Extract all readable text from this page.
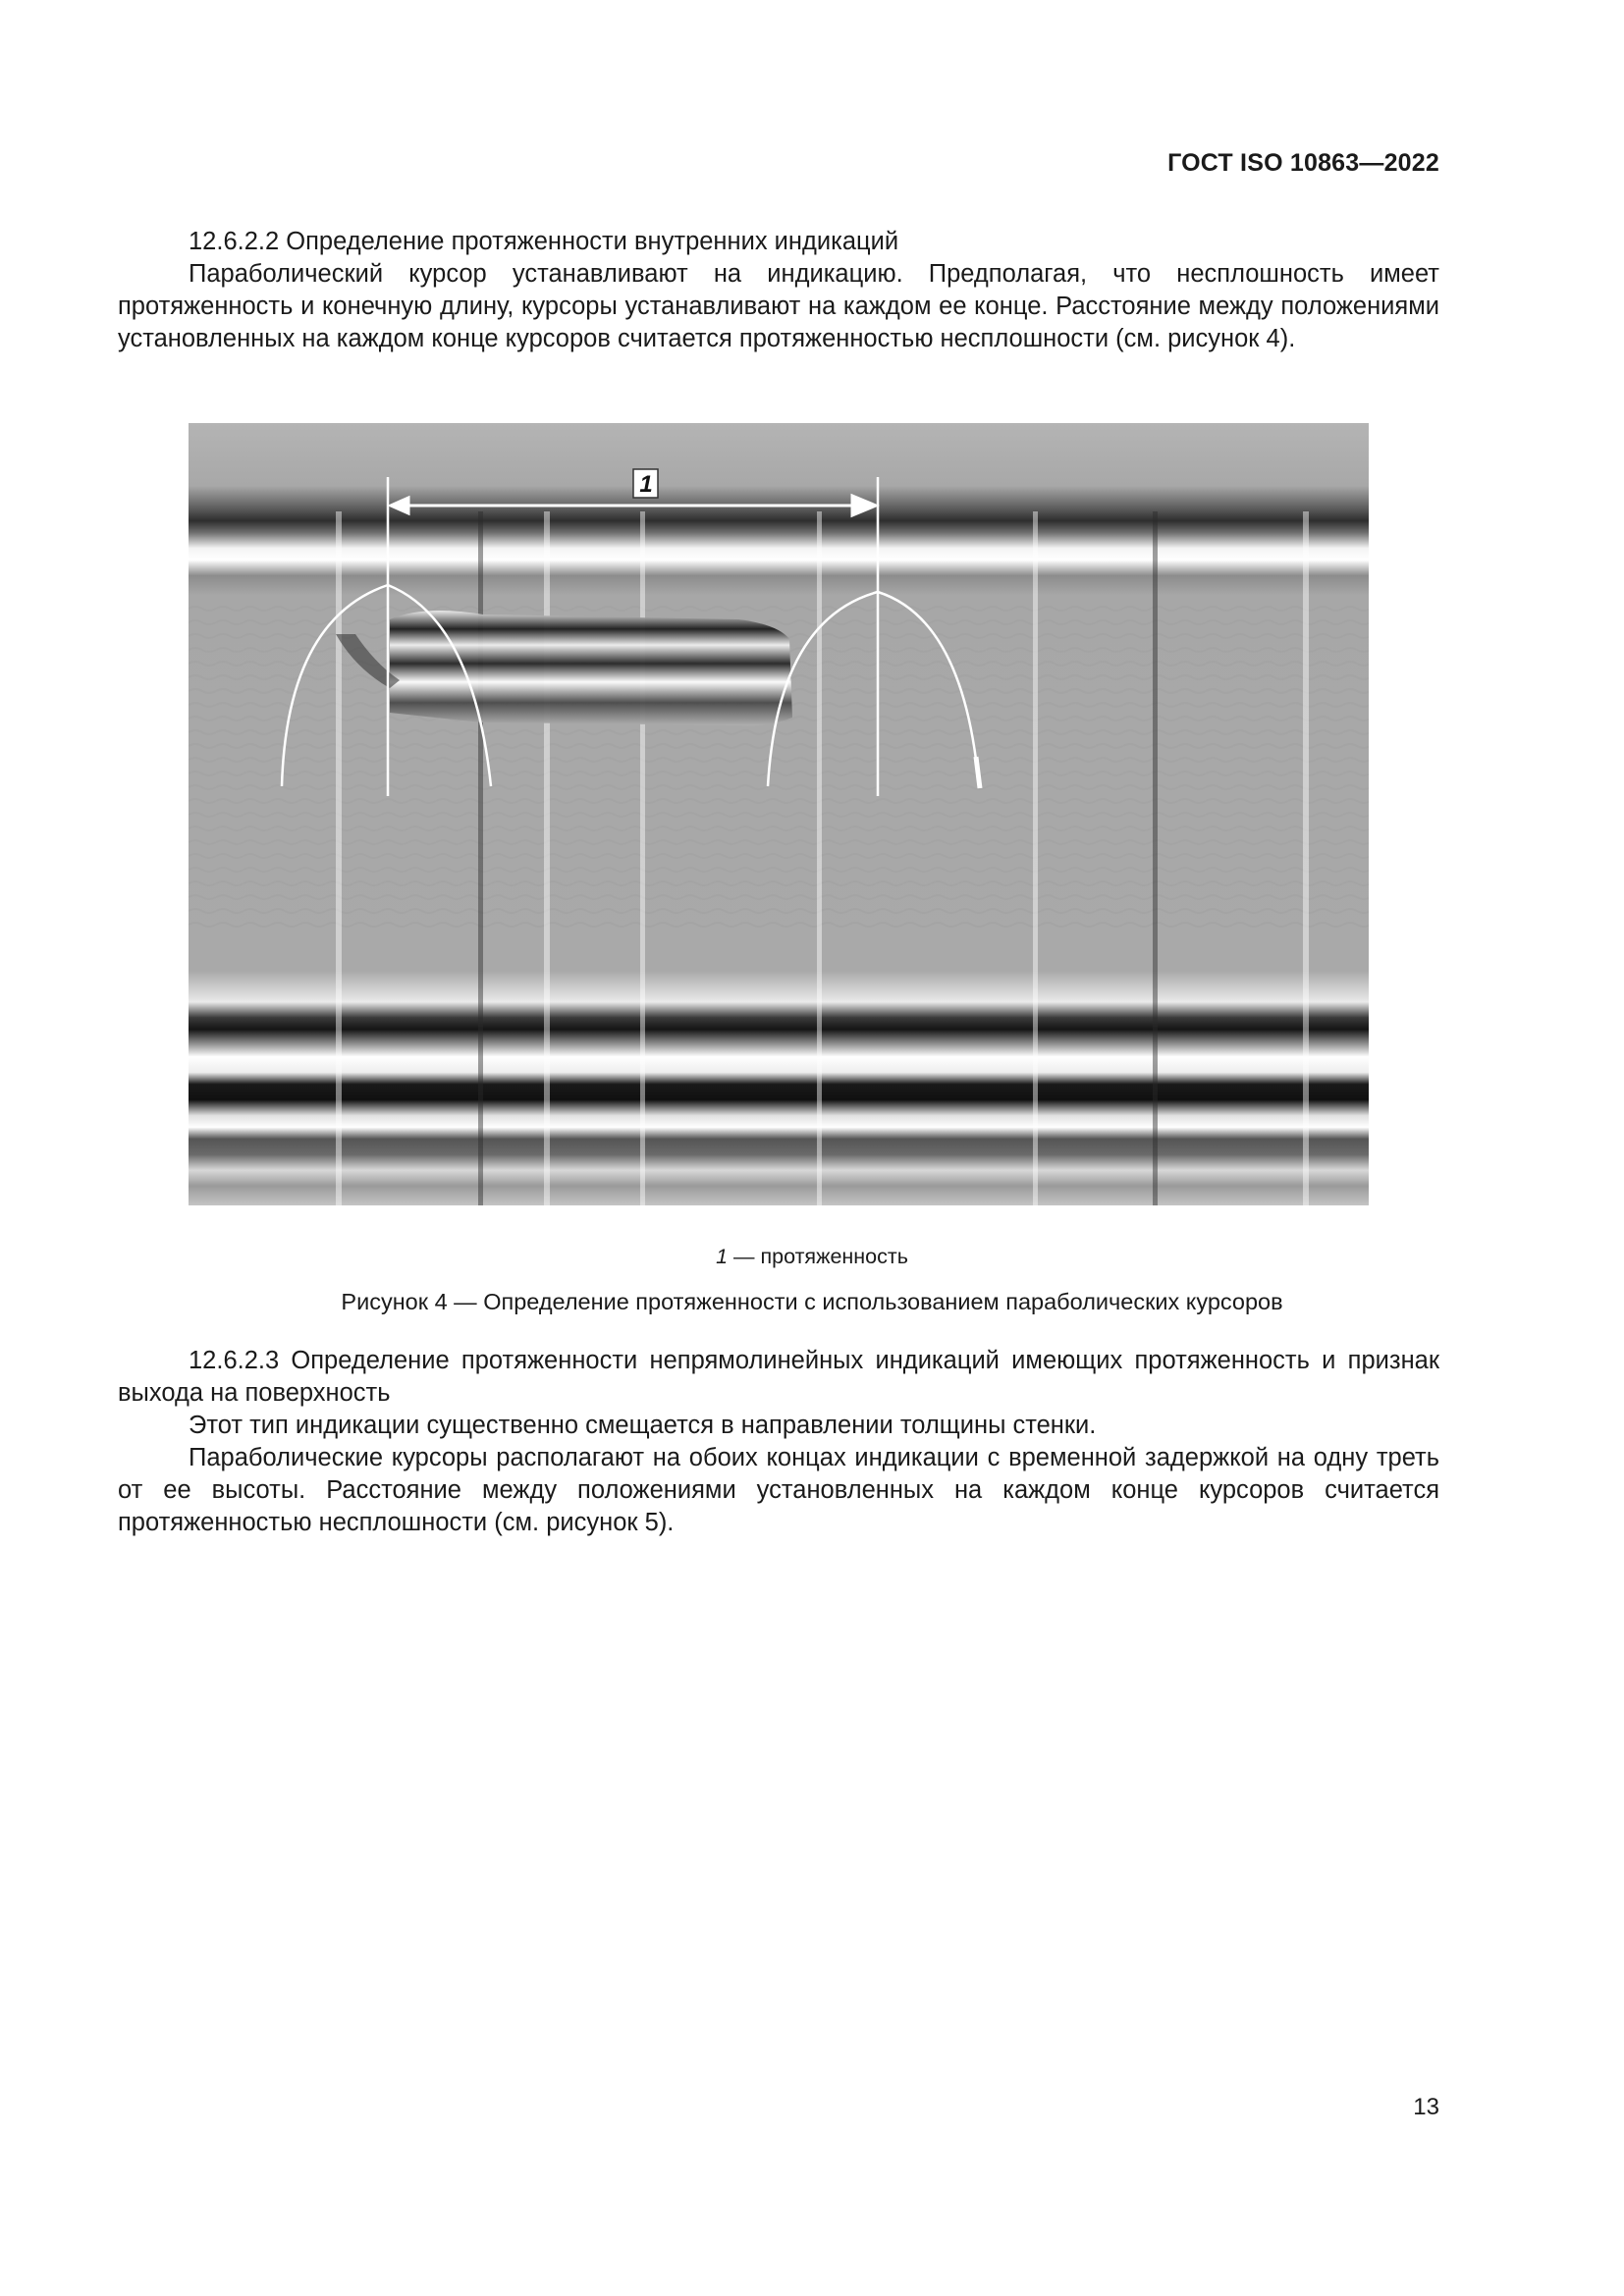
ГОСТ ISO 10863—2022

12.6.2.2 Определение протяженности внутренних индикаций

Параболический курсор устанавливают на индикацию. Предполагая, что несплошность имеет протяженность и конечную длину, курсоры устанавливают на каждом ее конце. Расстояние между положениями установленных на каждом конце курсоров считается протяженностью несплошности (см. рисунок 4).

1
1 — протяженность
Рисунок 4 — Определение протяженности с использованием параболических курсоров

12.6.2.3 Определение протяженности непрямолинейных индикаций имеющих протяженность и признак выхода на поверхность

Этот тип индикации существенно смещается в направлении толщины стенки.

Параболические курсоры располагают на обоих концах индикации с временной задержкой на одну треть от ее высоты. Расстояние между положениями установленных на каждом конце курсоров считается протяженностью несплошности (см. рисунок 5).

13
